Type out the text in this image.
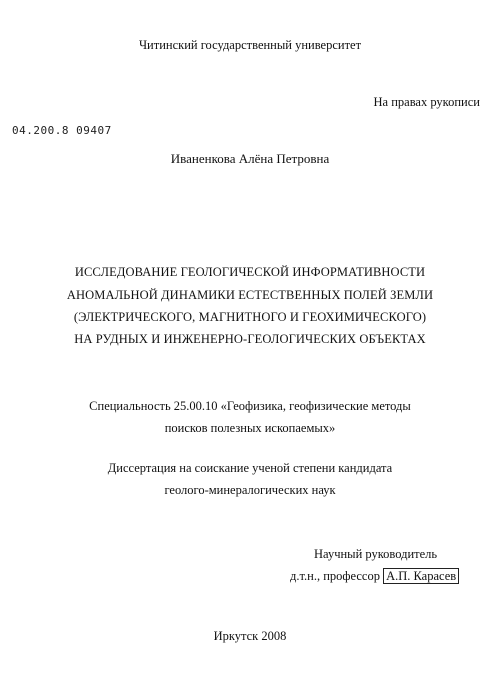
Читинский государственный университет
На правах рукописи
04.200.8 09407
Иваненкова Алёна Петровна
ИССЛЕДОВАНИЕ ГЕОЛОГИЧЕСКОЙ ИНФОРМАТИВНОСТИ
АНОМАЛЬНОЙ ДИНАМИКИ ЕСТЕСТВЕННЫХ ПОЛЕЙ ЗЕМЛИ
(ЭЛЕКТРИЧЕСКОГО, МАГНИТНОГО И ГЕОХИМИЧЕСКОГО)
НА РУДНЫХ И ИНЖЕНЕРНО-ГЕОЛОГИЧЕСКИХ ОБЪЕКТАХ
Специальность 25.00.10 «Геофизика, геофизические методы
поисков полезных ископаемых»
Диссертация на соискание ученой степени кандидата
геолого-минералогических наук
Научный руководитель
д.т.н., профессор А.П. Карасев
Иркутск 2008
